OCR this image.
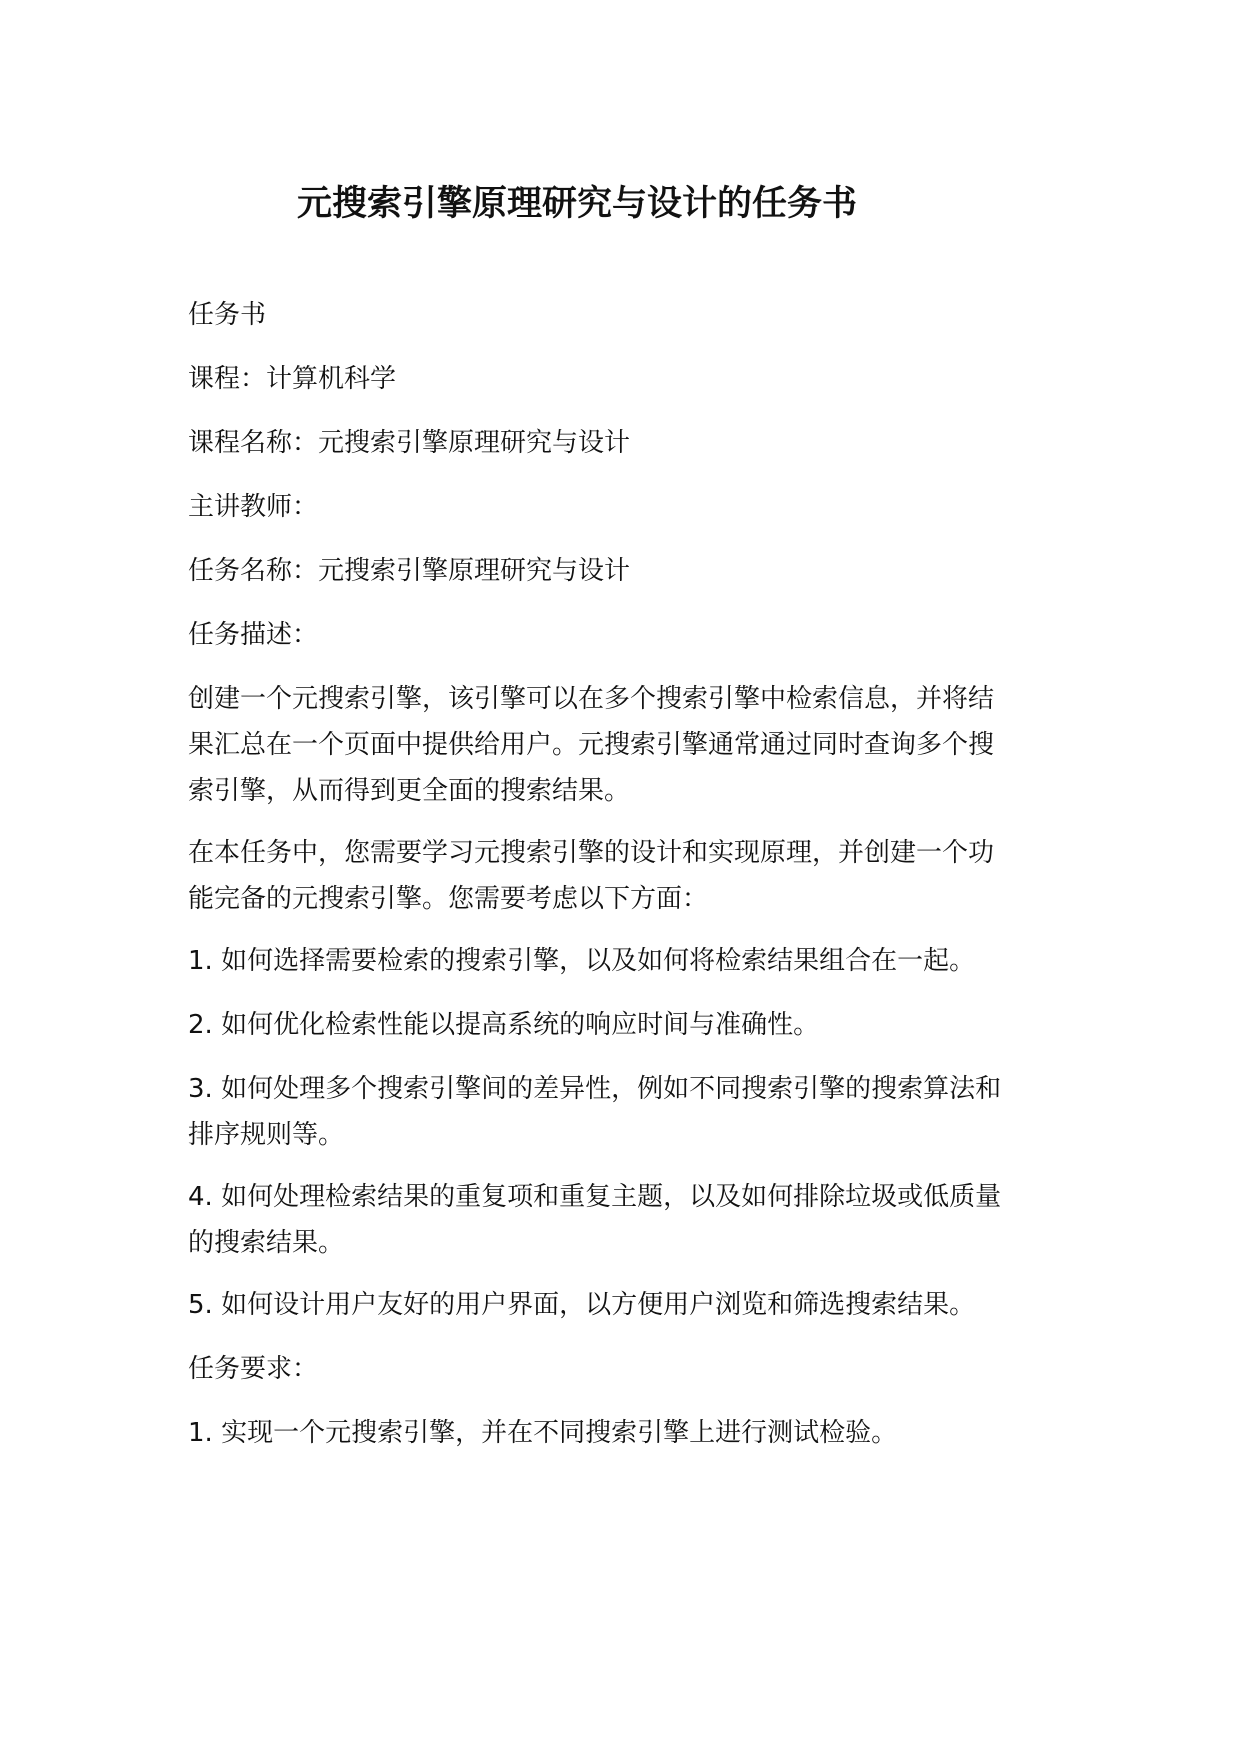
元搜索引擎原理研究与设计的任务书

任务书

课程：计算机科学

课程名称：元搜索引擎原理研究与设计

主讲教师：

任务名称：元搜索引擎原理研究与设计

任务描述：

创建一个元搜索引擎，该引擎可以在多个搜索引擎中检索信息，并将结
果汇总在一个页面中提供给用户。元搜索引擎通常通过同时查询多个搜
索引擎，从而得到更全面的搜索结果。
在本任务中，您需要学习元搜索引擎的设计和实现原理，并创建一个功
能完备的元搜索引擎。您需要考虑以下方面：
1. 如何选择需要检索的搜索引擎，以及如何将检索结果组合在一起。
2. 如何优化检索性能以提高系统的响应时间与准确性。
3. 如何处理多个搜索引擎间的差异性，例如不同搜索引擎的搜索算法和
排序规则等。
4. 如何处理检索结果的重复项和重复主题，以及如何排除垃圾或低质量
的搜索结果。
5. 如何设计用户友好的用户界面，以方便用户浏览和筛选搜索结果。

任务要求：

1. 实现一个元搜索引擎，并在不同搜索引擎上进行测试检验。
